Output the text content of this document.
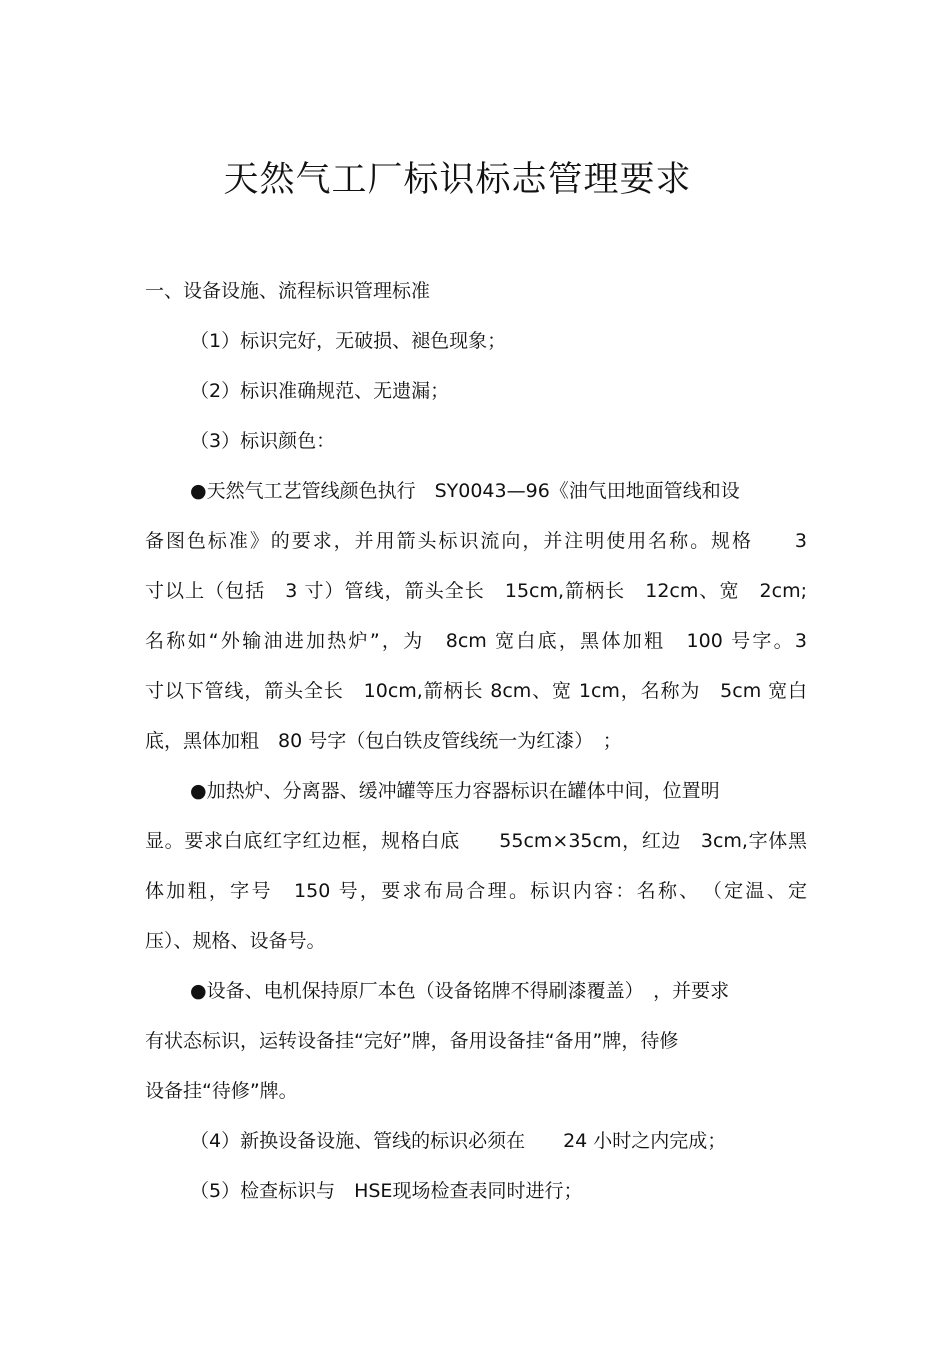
天然气工厂标识标志管理要求
一、设备设施、流程标识管理标准
（1）标识完好，无破损、褪色现象；
（2）标识准确规范、无遗漏；
（3）标识颜色：
●天然气工艺管线颜色执行　SY0043—96《油气田地面管线和设
备图色标准》的要求，并用箭头标识流向，并注明使用名称。规格　　3
寸以上（包括　3 寸）管线，箭头全长　15cm,箭柄长　12cm、宽　2cm;
名称如“外输油进加热炉”，为　8cm 宽白底，黑体加粗　100 号字。3
寸以下管线，箭头全长　10cm,箭柄长 8cm、宽 1cm，名称为　5cm 宽白
底，黑体加粗　80 号字（包白铁皮管线统一为红漆）　；
●加热炉、分离器、缓冲罐等压力容器标识在罐体中间，位置明
显。要求白底红字红边框，规格白底　　55cm×35cm，红边　3cm,字体黑
体加粗，字号　150 号，要求布局合理。标识内容：名称、　（定温、定
压）、规格、设备号。
●设备、电机保持原厂本色（设备铭牌不得刷漆覆盖）　，并要求
有状态标识，运转设备挂“完好”牌，备用设备挂“备用”牌，待修
设备挂“待修”牌。
（4）新换设备设施、管线的标识必须在　　24 小时之内完成；
（5）检查标识与　HSE现场检查表同时进行；
